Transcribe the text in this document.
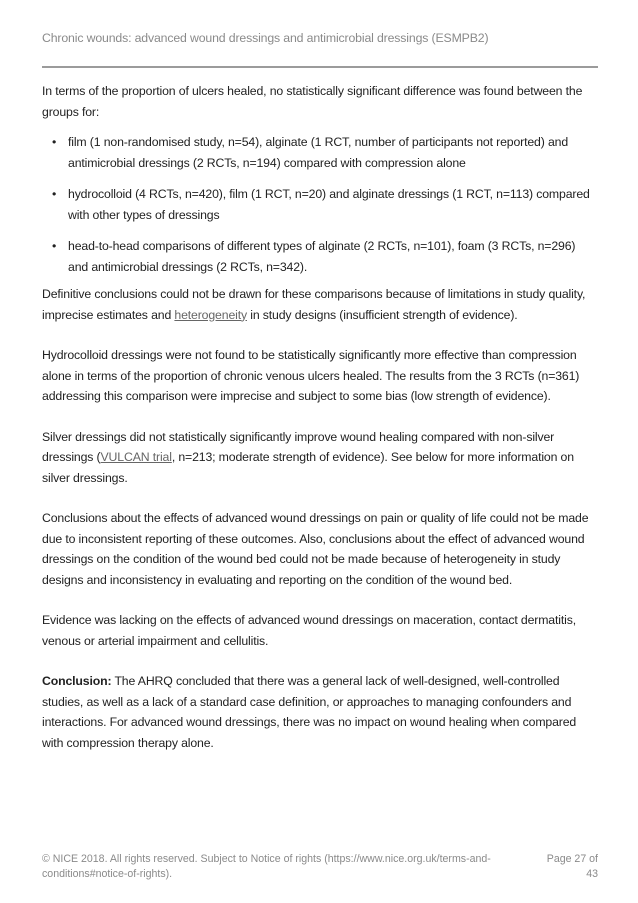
Chronic wounds: advanced wound dressings and antimicrobial dressings (ESMPB2)

In terms of the proportion of ulcers healed, no statistically significant difference was found between the groups for:

• film (1 non-randomised study, n=54), alginate (1 RCT, number of participants not reported) and antimicrobial dressings (2 RCTs, n=194) compared with compression alone
• hydrocolloid (4 RCTs, n=420), film (1 RCT, n=20) and alginate dressings (1 RCT, n=113) compared with other types of dressings
• head-to-head comparisons of different types of alginate (2 RCTs, n=101), foam (3 RCTs, n=296) and antimicrobial dressings (2 RCTs, n=342).

Definitive conclusions could not be drawn for these comparisons because of limitations in study quality, imprecise estimates and heterogeneity in study designs (insufficient strength of evidence).

Hydrocolloid dressings were not found to be statistically significantly more effective than compression alone in terms of the proportion of chronic venous ulcers healed. The results from the 3 RCTs (n=361) addressing this comparison were imprecise and subject to some bias (low strength of evidence).

Silver dressings did not statistically significantly improve wound healing compared with non-silver dressings (VULCAN trial, n=213; moderate strength of evidence). See below for more information on silver dressings.

Conclusions about the effects of advanced wound dressings on pain or quality of life could not be made due to inconsistent reporting of these outcomes. Also, conclusions about the effect of advanced wound dressings on the condition of the wound bed could not be made because of heterogeneity in study designs and inconsistency in evaluating and reporting on the condition of the wound bed.

Evidence was lacking on the effects of advanced wound dressings on maceration, contact dermatitis, venous or arterial impairment and cellulitis.

Conclusion: The AHRQ concluded that there was a general lack of well-designed, well-controlled studies, as well as a lack of a standard case definition, or approaches to managing confounders and interactions. For advanced wound dressings, there was no impact on wound healing when compared with compression therapy alone.

© NICE 2018. All rights reserved. Subject to Notice of rights (https://www.nice.org.uk/terms-and-conditions#notice-of-rights).
Page 27 of 43
